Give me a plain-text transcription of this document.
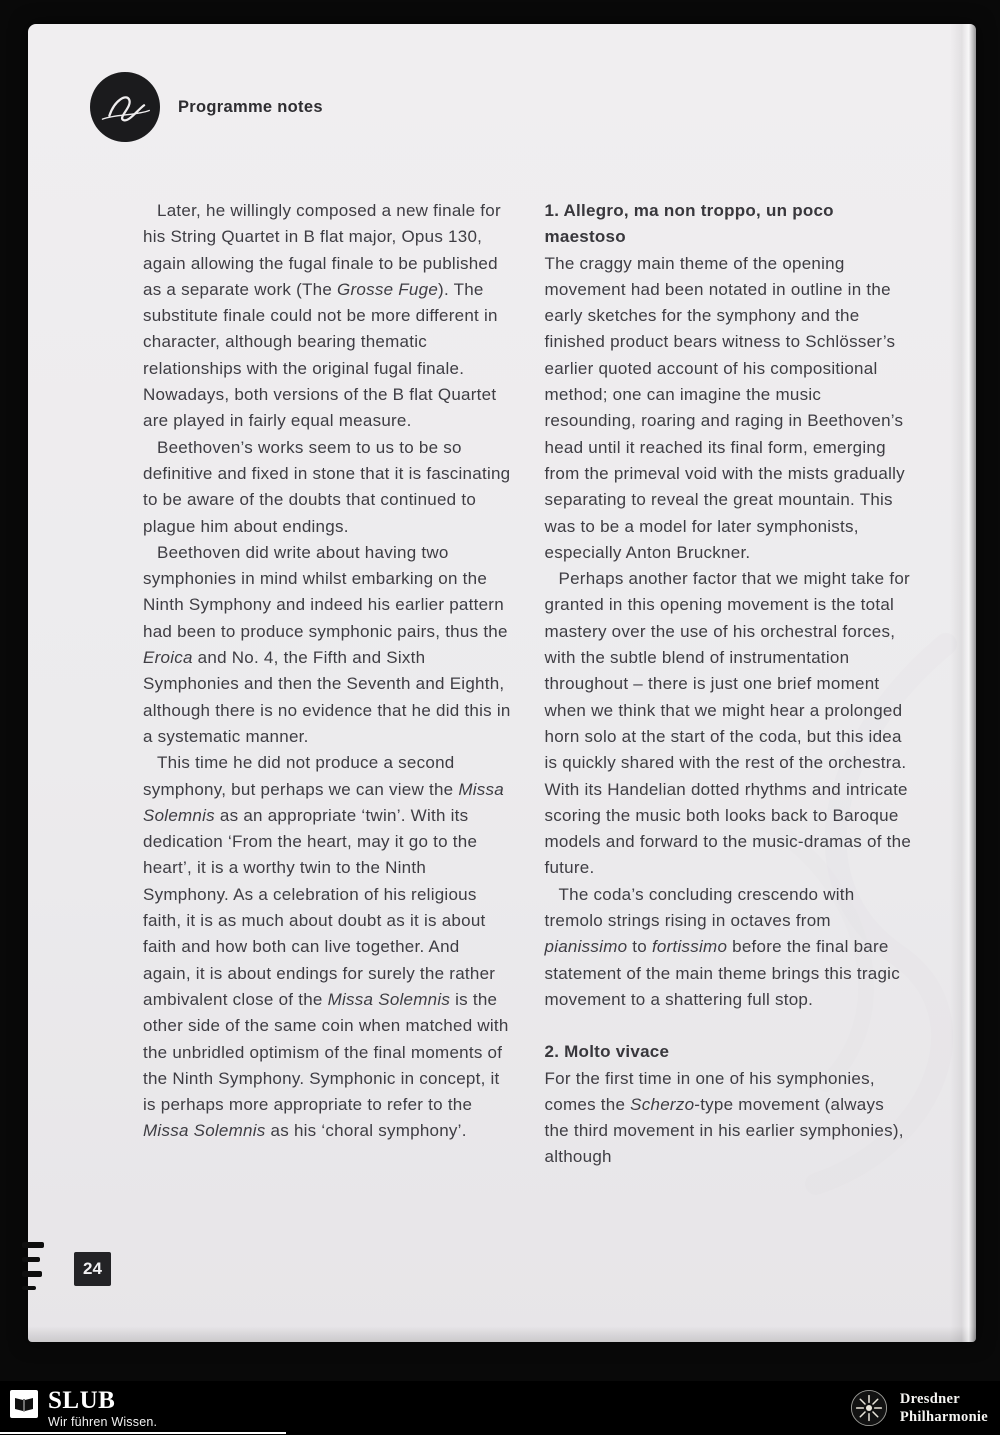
Programme notes

Later, he willingly composed a new finale for his String Quartet in B flat major, Opus 130, again allowing the fugal finale to be published as a separate work (The Grosse Fuge). The substitute finale could not be more different in character, although bearing thematic relationships with the original fugal finale. Nowadays, both versions of the B flat Quartet are played in fairly equal measure.

Beethoven’s works seem to us to be so definitive and fixed in stone that it is fascinating to be aware of the doubts that continued to plague him about endings.

Beethoven did write about having two symphonies in mind whilst embarking on the Ninth Symphony and indeed his earlier pattern had been to produce symphonic pairs, thus the Eroica and No. 4, the Fifth and Sixth Symphonies and then the Seventh and Eighth, although there is no evidence that he did this in a systematic manner.

This time he did not produce a second symphony, but perhaps we can view the Missa Solemnis as an appropriate ‘twin’. With its dedication ‘From the heart, may it go to the heart’, it is a worthy twin to the Ninth Symphony. As a celebration of his religious faith, it is as much about doubt as it is about faith and how both can live together. And again, it is about endings for surely the rather ambivalent close of the Missa Solemnis is the other side of the same coin when matched with the unbridled optimism of the final moments of the Ninth Symphony. Symphonic in concept, it is perhaps more appropriate to refer to the Missa Solemnis as his ‘choral symphony’.

1. Allegro, ma non troppo, un poco maestoso

The craggy main theme of the opening movement had been notated in outline in the early sketches for the symphony and the finished product bears witness to Schlösser’s earlier quoted account of his compositional method; one can imagine the music resounding, roaring and raging in Beethoven’s head until it reached its final form, emerging from the primeval void with the mists gradually separating to reveal the great mountain. This was to be a model for later symphonists, especially Anton Bruckner.

Perhaps another factor that we might take for granted in this opening movement is the total mastery over the use of his orchestral forces, with the subtle blend of instrumentation throughout – there is just one brief moment when we think that we might hear a prolonged horn solo at the start of the coda, but this idea is quickly shared with the rest of the orchestra. With its Handelian dotted rhythms and intricate scoring the music both looks back to Baroque models and forward to the music-dramas of the future.

The coda’s concluding crescendo with tremolo strings rising in octaves from pianissimo to fortissimo before the final bare statement of the main theme brings this tragic movement to a shattering full stop.

2. Molto vivace

For the first time in one of his symphonies, comes the Scherzo-type movement (always the third movement in his earlier symphonies), although

24
SLUB
Wir führen Wissen.
Dresdner
Philharmonie
